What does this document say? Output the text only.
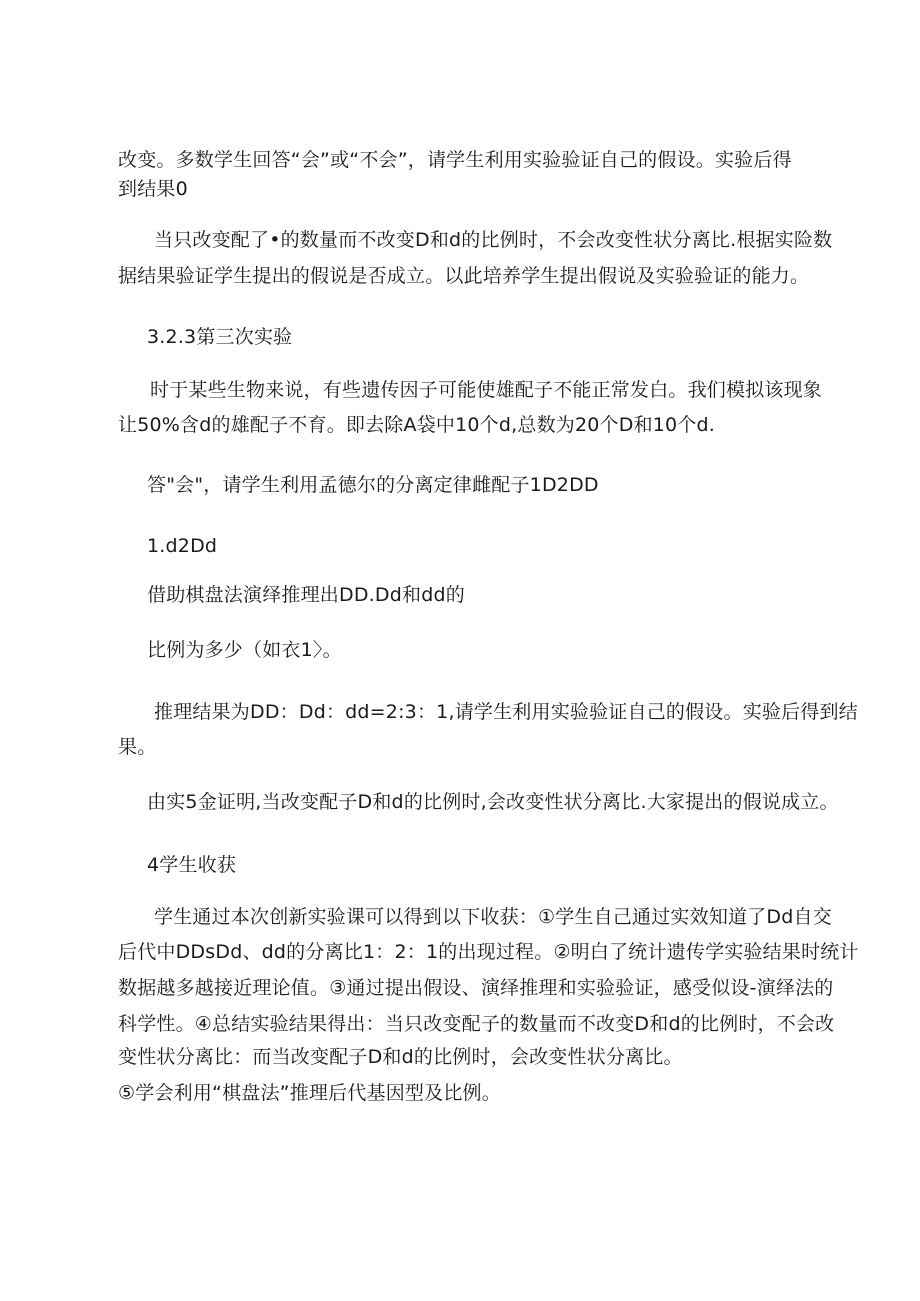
改变。多数学生回答“会”或“不会”，请学生利用实验验证自己的假设。实验后得

到结果0

当只改变配了•的数量而不改变D和d的比例时，不会改变性状分离比.根据实险数

据结果验证学生提出的假说是否成立。以此培养学生提出假说及实验验证的能力。

3.2.3第三次实验

时于某些生物来说，有些遗传因子可能使雄配子不能正常发白。我们模拟该现象

让50%含d的雄配子不育。即去除A袋中10个d,总数为20个D和10个d.

答"会"，请学生利用孟德尔的分离定律雌配子1D2DD

1.d2Dd

借助棋盘法演绎推理出DD.Dd和dd的

比例为多少（如衣1〉。

推理结果为DD：Dd：dd=2:3：1,请学生利用实验验证自己的假设。实验后得到结

果。

由实5金证明,当改变配子D和d的比例时,会改变性状分离比.大家提出的假说成立。

4学生收获

学生通过本次创新实验课可以得到以下收获：①学生自己通过实效知道了Dd自交

后代中DDsDd、dd的分离比1：2：1的出现过程。②明白了统计遗传学实验结果时统计

数据越多越接近理论值。③通过提出假设、演绎推理和实验验证，感受似设-演绎法的

科学性。④总结实验结果得出：当只改变配子的数量而不改变D和d的比例时，不会改

变性状分离比：而当改变配子D和d的比例时，会改变性状分离比。

⑤学会利用“棋盘法”推理后代基因型及比例。
